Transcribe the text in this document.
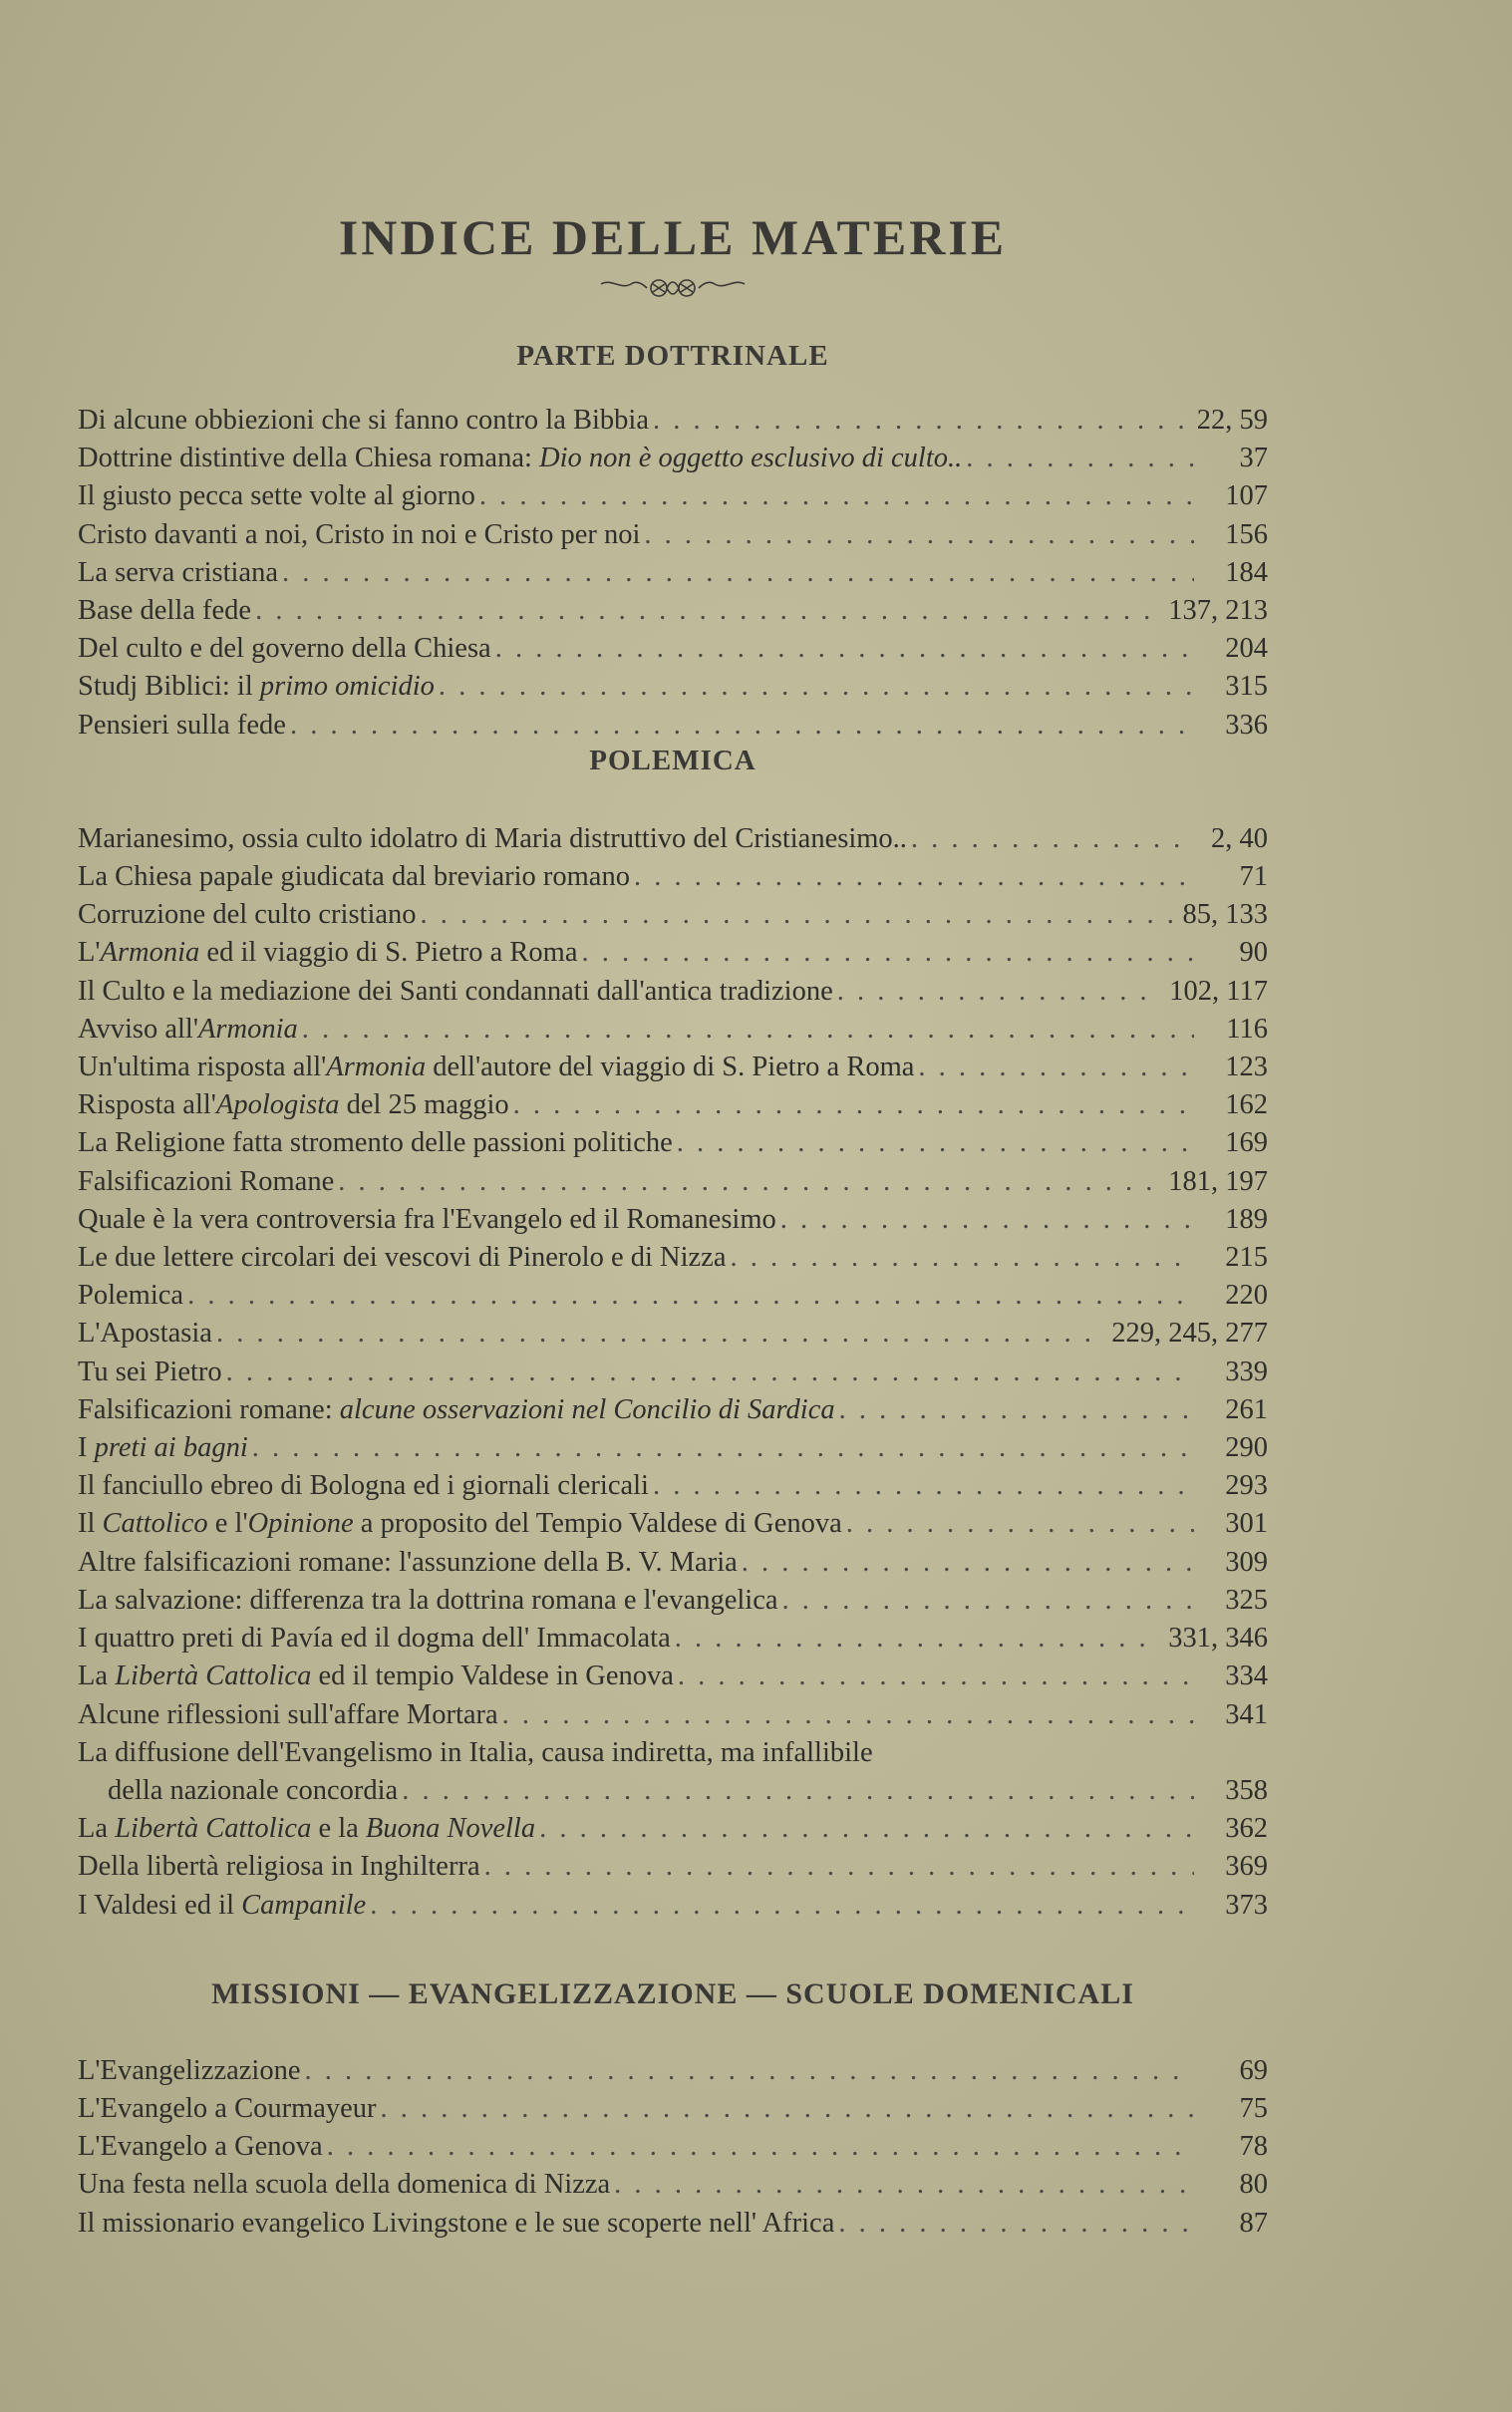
INDICE DELLE MATERIE
PARTE DOTTRINALE
Di alcune obbiezioni che si fanno contro la Bibbia . . .	22, 59
Dottrine distintive della Chiesa romana: Dio non è oggetto esclusivo di culto.. . . .	37
Il giusto pecca sette volte al giorno . . .	107
Cristo davanti a noi, Cristo in noi e Cristo per noi . . .	156
La serva cristiana . . .	184
Base della fede . . .	137, 213
Del culto e del governo della Chiesa . . .	204
Studj Biblici: il primo omicidio . . .	315
Pensieri sulla fede . . .	336
POLEMICA
Marianesimo, ossia culto idolatro di Maria distruttivo del Cristianesimo.. . . .	2, 40
La Chiesa papale giudicata dal breviario romano . . .	71
Corruzione del culto cristiano . . .	85, 133
L'Armonia ed il viaggio di S. Pietro a Roma . . .	90
Il Culto e la mediazione dei Santi condannati dall'antica tradizione . . .	102, 117
Avviso all'Armonia . . .	116
Un'ultima risposta all'Armonia dell'autore del viaggio di S. Pietro a Roma . . .	123
Risposta all'Apologista del 25 maggio . . .	162
La Religione fatta stromento delle passioni politiche . . .	169
Falsificazioni Romane . . .	181, 197
Quale è la vera controversia fra l'Evangelo ed il Romanesimo . . .	189
Le due lettere circolari dei vescovi di Pinerolo e di Nizza . . .	215
Polemica . . .	220
L'Apostasia . . .	229, 245, 277
Tu sei Pietro . . .	339
Falsificazioni romane: alcune osservazioni nel Concilio di Sardica . . .	261
I preti ai bagni . . .	290
Il fanciullo ebreo di Bologna ed i giornali clericali . . .	293
Il Cattolico e l'Opinione a proposito del Tempio Valdese di Genova . . .	301
Altre falsificazioni romane: l'assunzione della B. V. Maria . . .	309
La salvazione: differenza tra la dottrina romana e l'evangelica . . .	325
I quattro preti di Pavía ed il dogma dell' Immacolata . . .	331, 346
La Libertà Cattolica ed il tempio Valdese in Genova . . .	334
Alcune riflessioni sull'affare Mortara . . .	341
La diffusione dell'Evangelismo in Italia, causa indiretta, ma infallibile
della nazionale concordia . . .	358
La Libertà Cattolica e la Buona Novella . . .	362
Della libertà religiosa in Inghilterra . . .	369
I Valdesi ed il Campanile . . .	373
MISSIONI — EVANGELIZZAZIONE — SCUOLE DOMENICALI
L'Evangelizzazione . . .	69
L'Evangelo a Courmayeur . . .	75
L'Evangelo a Genova . . .	78
Una festa nella scuola della domenica di Nizza . . .	80
Il missionario evangelico Livingstone e le sue scoperte nell' Africa . . .	87
